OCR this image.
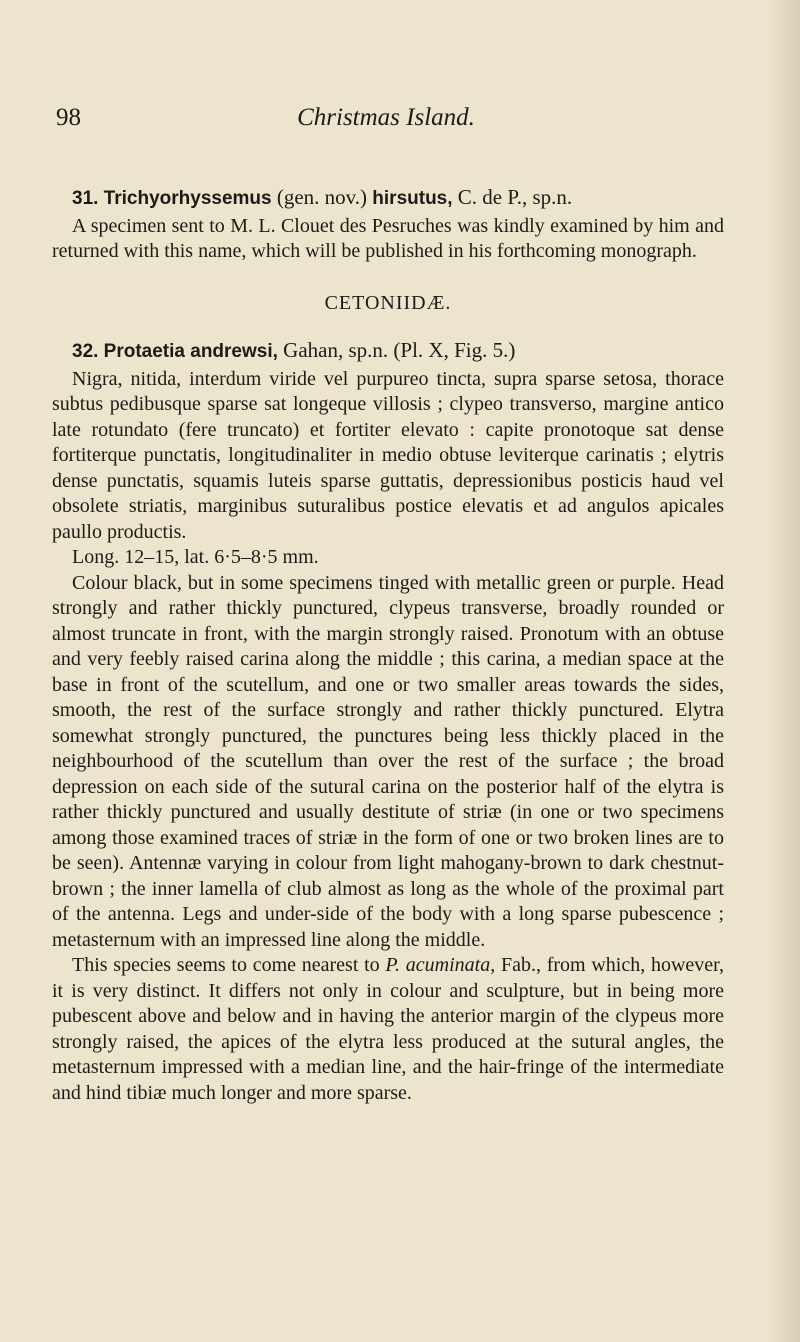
98	Christmas Island.
31. Trichyorhyssemus (gen. nov.) hirsutus, C. de P., sp.n.

A specimen sent to M. L. Clouet des Pesruches was kindly examined by him and returned with this name, which will be published in his forthcoming monograph.

CETONIIDÆ.
32. Protaetia andrewsi, Gahan, sp.n. (Pl. X, Fig. 5.)

Nigra, nitida, interdum viride vel purpureo tincta, supra sparse setosa, thorace subtus pedibusque sparse sat longeque villosis ; clypeo transverso, margine antico late rotundato (fere truncato) et fortiter elevato : capite pronotoque sat dense fortiterque punctatis, longitudinaliter in medio obtuse leviterque carinatis ; elytris dense punctatis, squamis luteis sparse guttatis, depressionibus posticis haud vel obsolete striatis, marginibus suturalibus postice elevatis et ad angulos apicales paullo productis.

Long. 12–15, lat. 6·5–8·5 mm.

Colour black, but in some specimens tinged with metallic green or purple. Head strongly and rather thickly punctured, clypeus transverse, broadly rounded or almost truncate in front, with the margin strongly raised. Pronotum with an obtuse and very feebly raised carina along the middle ; this carina, a median space at the base in front of the scutellum, and one or two smaller areas towards the sides, smooth, the rest of the surface strongly and rather thickly punctured. Elytra somewhat strongly punctured, the punctures being less thickly placed in the neighbourhood of the scutellum than over the rest of the surface ; the broad depression on each side of the sutural carina on the posterior half of the elytra is rather thickly punctured and usually destitute of striæ (in one or two specimens among those examined traces of striæ in the form of one or two broken lines are to be seen). Antennæ varying in colour from light mahogany-brown to dark chestnut-brown ; the inner lamella of club almost as long as the whole of the proximal part of the antenna. Legs and under-side of the body with a long sparse pubescence ; metasternum with an impressed line along the middle.

This species seems to come nearest to P. acuminata, Fab., from which, however, it is very distinct. It differs not only in colour and sculpture, but in being more pubescent above and below and in having the anterior margin of the clypeus more strongly raised, the apices of the elytra less produced at the sutural angles, the metasternum impressed with a median line, and the hair-fringe of the intermediate and hind tibiæ much longer and more sparse.
